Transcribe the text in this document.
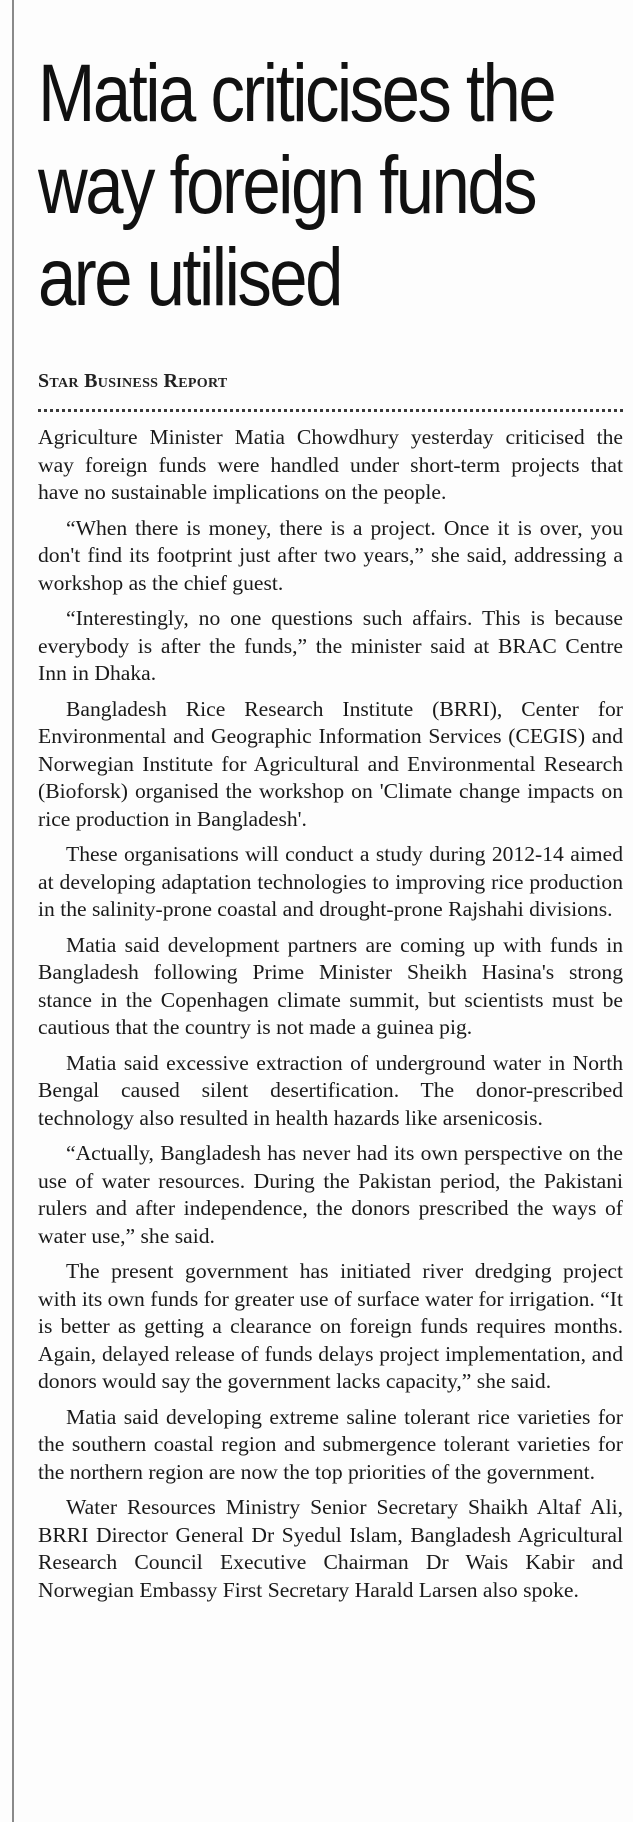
Matia criticises the
way foreign funds
are utilised
Star Business Report

Agriculture Minister Matia Chowdhury yesterday criticised the way foreign funds were handled under short-term projects that have no sustainable implications on the people.

“When there is money, there is a project. Once it is over, you don't find its footprint just after two years,” she said, addressing a workshop as the chief guest.

“Interestingly, no one questions such affairs. This is because everybody is after the funds,” the minister said at BRAC Centre Inn in Dhaka.

Bangladesh Rice Research Institute (BRRI), Center for Environmental and Geographic Information Services (CEGIS) and Norwegian Institute for Agricultural and Environmental Research (Bioforsk) organised the workshop on 'Climate change impacts on rice production in Bangladesh'.

These organisations will conduct a study during 2012-14 aimed at developing adaptation technologies to improving rice production in the salinity-prone coastal and drought-prone Rajshahi divisions.

Matia said development partners are coming up with funds in Bangladesh following Prime Minister Sheikh Hasina's strong stance in the Copenhagen climate summit, but scientists must be cautious that the country is not made a guinea pig.

Matia said excessive extraction of underground water in North Bengal caused silent desertification. The donor-prescribed technology also resulted in health hazards like arsenicosis.

“Actually, Bangladesh has never had its own perspective on the use of water resources. During the Pakistan period, the Pakistani rulers and after independence, the donors prescribed the ways of water use,” she said.

The present government has initiated river dredging project with its own funds for greater use of surface water for irrigation. “It is better as getting a clearance on foreign funds requires months. Again, delayed release of funds delays project implementation, and donors would say the government lacks capacity,” she said.

Matia said developing extreme saline tolerant rice varieties for the southern coastal region and submergence tolerant varieties for the northern region are now the top priorities of the government.

Water Resources Ministry Senior Secretary Shaikh Altaf Ali, BRRI Director General Dr Syedul Islam, Bangladesh Agricultural Research Council Executive Chairman Dr Wais Kabir and Norwegian Embassy First Secretary Harald Larsen also spoke.
